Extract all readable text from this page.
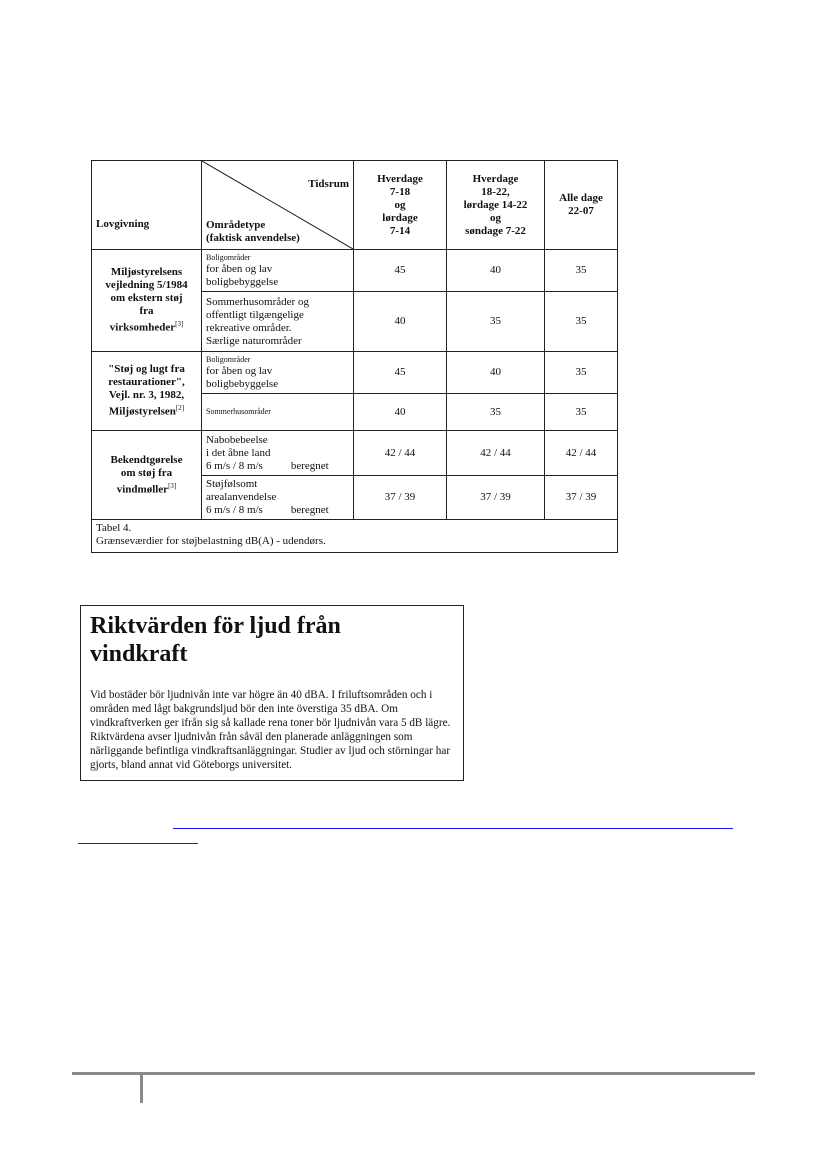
Lovgivning	Tidsrum
Områdetype
(faktisk anvendelse)	Hverdage
7-18
og
lørdage
7-14	Hverdage
18-22,
lørdage 14-22
og
søndage 7-22	Alle dage
22-07
Miljøstyrelsens
vejledning 5/1984
om ekstern støj
fra
virksomheder[3]	Boligområder
for åben og lav
boligbebyggelse	45	40	35
	Sommerhusområder og
offentligt tilgængelige
rekreative områder.
Særlige naturområder	40	35	35
"Støj og lugt fra
restaurationer",
Vejl. nr. 3, 1982,
Miljøstyrelsen[2]	Boligområder
for åben og lav
boligbebyggelse	45	40	35

	Sommerhusområder	40	35	35
Bekendtgørelse
om støj fra
vindmøller[3]	Nabobebeelse
i det åbne land
6 m/s / 8 m/s beregnet	42 / 44	42 / 44	42 / 44
	Støjfølsomt
arealanvendelse
6 m/s / 8 m/s beregnet	37 / 39	37 / 39	37 / 39
Tabel 4.
Grænseværdier for støjbelastning dB(A) - udendørs.				
Riktvärden för ljud från
vindkraft

Vid bostäder bör ljudnivån inte var högre än 40 dBA. I friluftsområden och i områden med lågt bakgrundsljud bör den inte överstiga 35 dBA. Om vindkraftverken ger ifrån sig så kallade rena toner bör ljudnivån vara 5 dB lägre. Riktvärdena avser ljudnivån från såväl den planerade anläggningen som närliggande befintliga vindkraftsanläggningar. Studier av ljud och störningar har gjorts, bland annat vid Göteborgs universitet.
